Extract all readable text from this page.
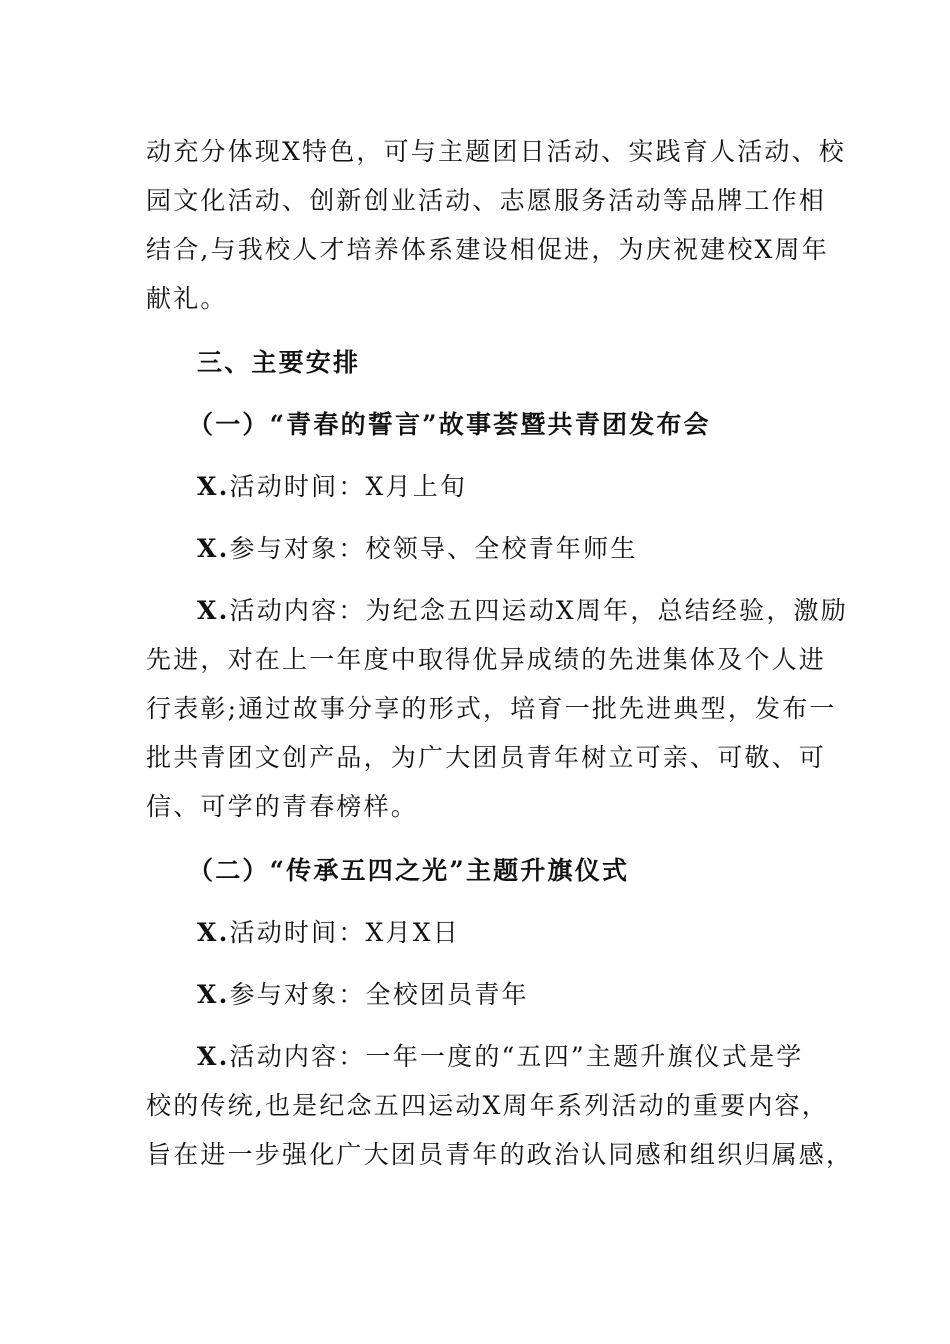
动充分体现X特色，可与主题团日活动、实践育人活动、校
园文化活动、创新创业活动、志愿服务活动等品牌工作相
结合,与我校人才培养体系建设相促进，为庆祝建校X周年
献礼。
三、主要安排
（一）“青春的誓言”故事荟暨共青团发布会
X.活动时间：X月上旬
X.参与对象：校领导、全校青年师生
X.活动内容：为纪念五四运动X周年，总结经验，激励
先进，对在上一年度中取得优异成绩的先进集体及个人进
行表彰;通过故事分享的形式，培育一批先进典型，发布一
批共青团文创产品，为广大团员青年树立可亲、可敬、可
信、可学的青春榜样。
（二）“传承五四之光”主题升旗仪式
X.活动时间：X月X日
X.参与对象：全校团员青年
X.活动内容：一年一度的“五四”主题升旗仪式是学
校的传统,也是纪念五四运动X周年系列活动的重要内容，
旨在进一步强化广大团员青年的政治认同感和组织归属感，
